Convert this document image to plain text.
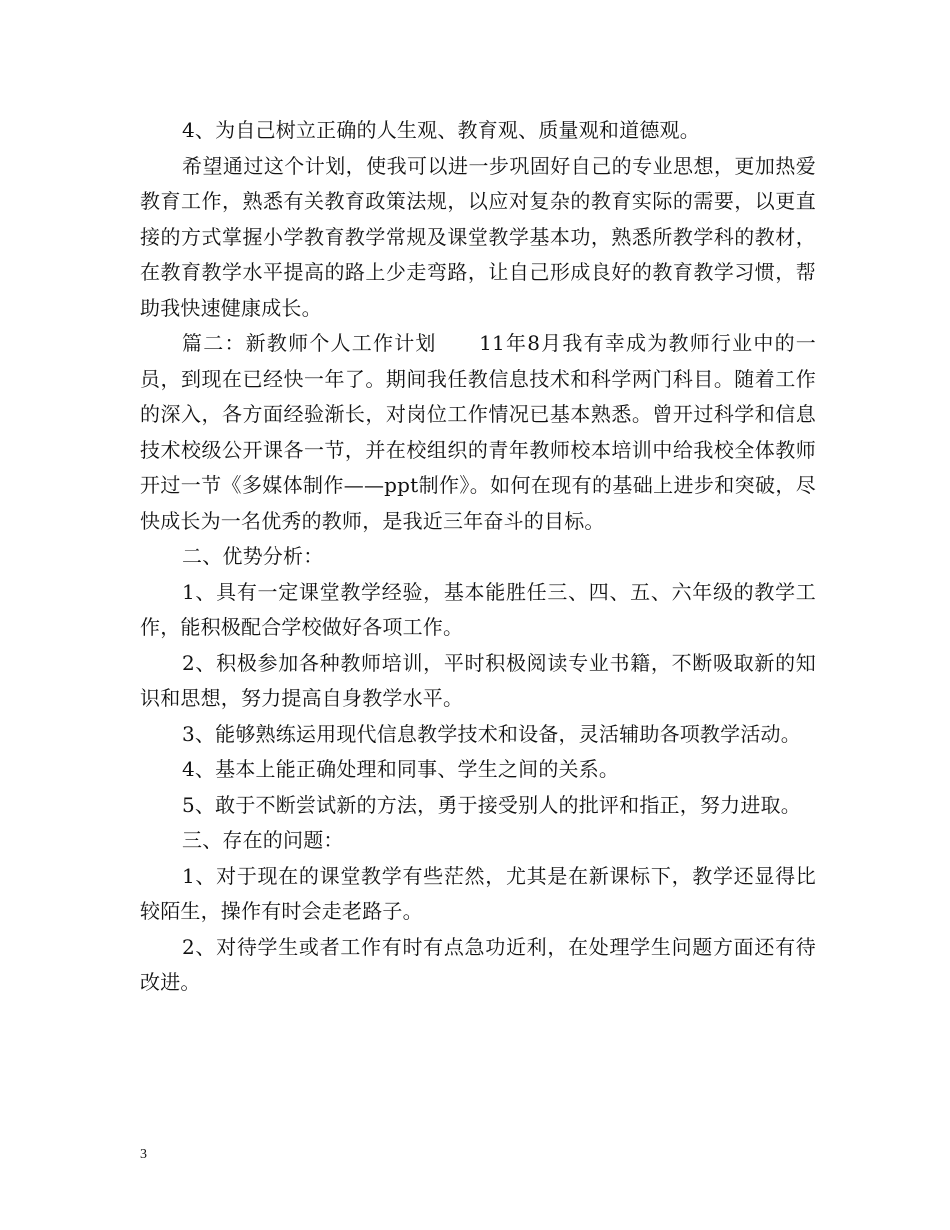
4、为自己树立正确的人生观、教育观、质量观和道德观。

希望通过这个计划，使我可以进一步巩固好自己的专业思想，更加热爱教育工作，熟悉有关教育政策法规，以应对复杂的教育实际的需要，以更直接的方式掌握小学教育教学常规及课堂教学基本功，熟悉所教学科的教材，在教育教学水平提高的路上少走弯路，让自己形成良好的教育教学习惯，帮助我快速健康成长。

篇二：新教师个人工作计划　　11年8月我有幸成为教师行业中的一员，到现在已经快一年了。期间我任教信息技术和科学两门科目。随着工作的深入，各方面经验渐长，对岗位工作情况已基本熟悉。曾开过科学和信息技术校级公开课各一节，并在校组织的青年教师校本培训中给我校全体教师开过一节《多媒体制作——ppt制作》。如何在现有的基础上进步和突破，尽快成长为一名优秀的教师，是我近三年奋斗的目标。

二、优势分析：

1、具有一定课堂教学经验，基本能胜任三、四、五、六年级的教学工作，能积极配合学校做好各项工作。

2、积极参加各种教师培训，平时积极阅读专业书籍，不断吸取新的知识和思想，努力提高自身教学水平。

3、能够熟练运用现代信息教学技术和设备，灵活辅助各项教学活动。

4、基本上能正确处理和同事、学生之间的关系。

5、敢于不断尝试新的方法，勇于接受别人的批评和指正，努力进取。

三、存在的问题：

1、对于现在的课堂教学有些茫然，尤其是在新课标下，教学还显得比较陌生，操作有时会走老路子。

2、对待学生或者工作有时有点急功近利，在处理学生问题方面还有待改进。

3
